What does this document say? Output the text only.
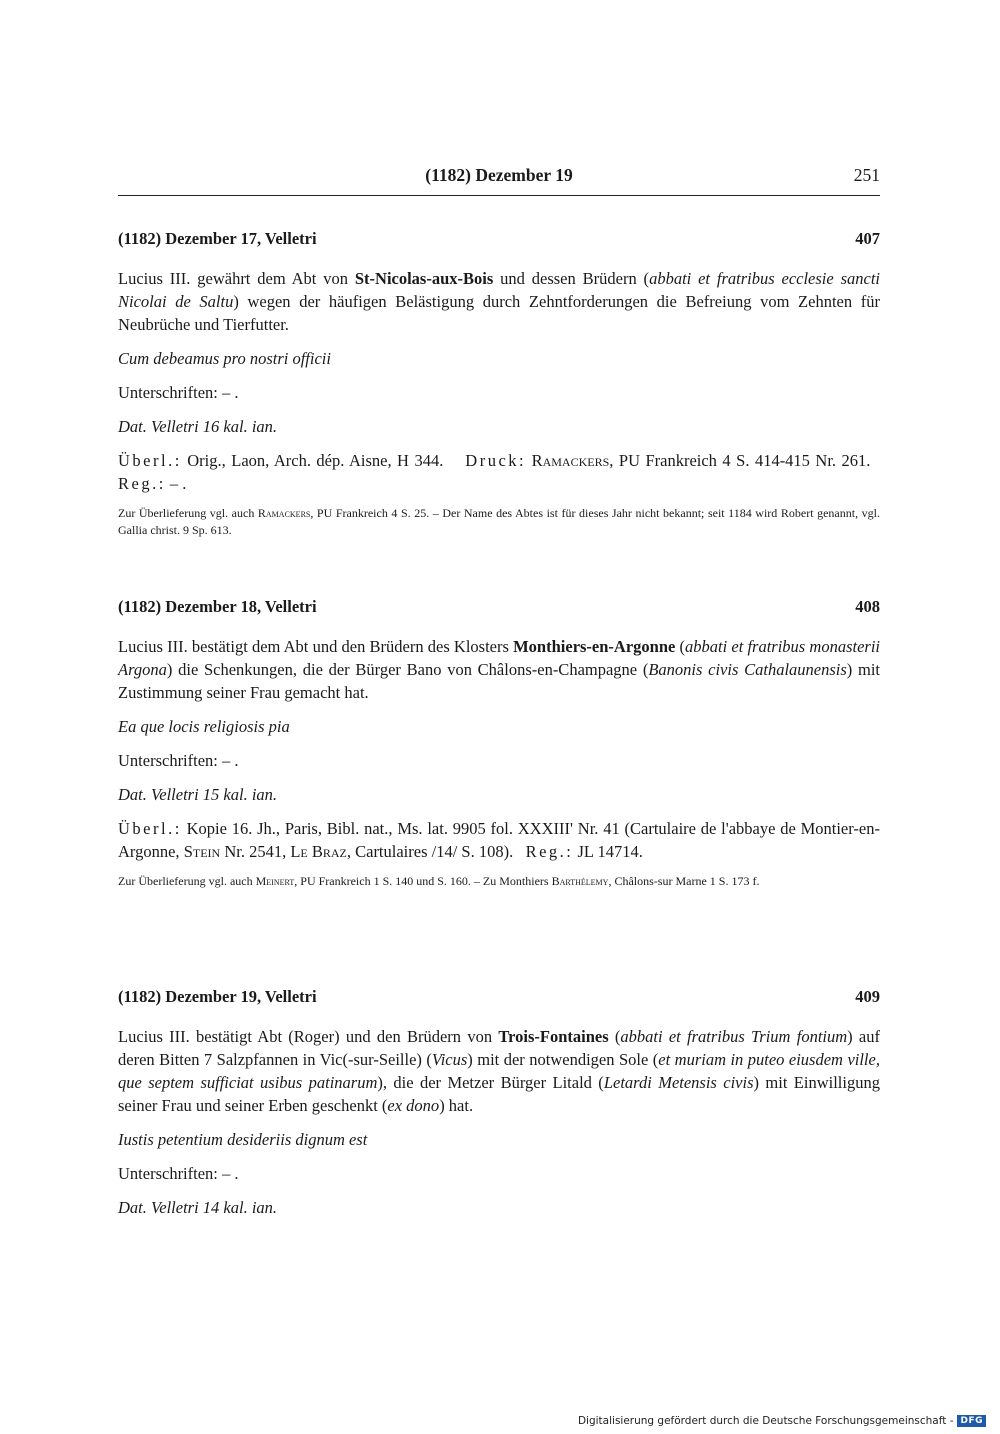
(1182) Dezember 19	251
(1182) Dezember 17, Velletri	407

Lucius III. gewährt dem Abt von St-Nicolas-aux-Bois und dessen Brüdern (abbati et fratribus ecclesie sancti Nicolai de Saltu) wegen der häufigen Belästigung durch Zehntforderungen die Befreiung vom Zehnten für Neubrüche und Tierfutter.

Cum debeamus pro nostri officii

Unterschriften: – .

Dat. Velletri 16 kal. ian.

Überl.: Orig., Laon, Arch. dép. Aisne, H 344. Druck: Ramackers, PU Frankreich 4 S. 414-415 Nr. 261.   Reg.: – .

Zur Überlieferung vgl. auch Ramackers, PU Frankreich 4 S. 25. – Der Name des Abtes ist für dieses Jahr nicht bekannt; seit 1184 wird Robert genannt, vgl. Gallia christ. 9 Sp. 613.

(1182) Dezember 18, Velletri	408

Lucius III. bestätigt dem Abt und den Brüdern des Klosters Monthiers-en-Argonne (abbati et fratribus monasterii Argona) die Schenkungen, die der Bürger Bano von Châlons-en-Champagne (Banonis civis Cathalaunensis) mit Zustimmung seiner Frau gemacht hat.

Ea que locis religiosis pia

Unterschriften: – .

Dat. Velletri 15 kal. ian.

Überl.: Kopie 16. Jh., Paris, Bibl. nat., Ms. lat. 9905 fol. XXXIII' Nr. 41 (Cartulaire de l'abbaye de Montier-en-Argonne, Stein Nr. 2541, Le Braz, Cartulaires /14/ S. 108). Reg.: JL 14714.

Zur Überlieferung vgl. auch Meinert, PU Frankreich 1 S. 140 und S. 160. – Zu Monthiers Barthélemy, Châlons-sur Marne 1 S. 173 f.

(1182) Dezember 19, Velletri	409

Lucius III. bestätigt Abt (Roger) und den Brüdern von Trois-Fontaines (abbati et fratribus Trium fontium) auf deren Bitten 7 Salzpfannen in Vic(-sur-Seille) (Vicus) mit der notwendigen Sole (et muriam in puteo eiusdem ville, que septem sufficiat usibus patinarum), die der Metzer Bürger Litald (Letardi Metensis civis) mit Einwilligung seiner Frau und seiner Erben geschenkt (ex dono) hat.

Iustis petentium desideriis dignum est

Unterschriften: – .

Dat. Velletri 14 kal. ian.

Digitalisierung gefördert durch die Deutsche Forschungsgemeinschaft - DFG
